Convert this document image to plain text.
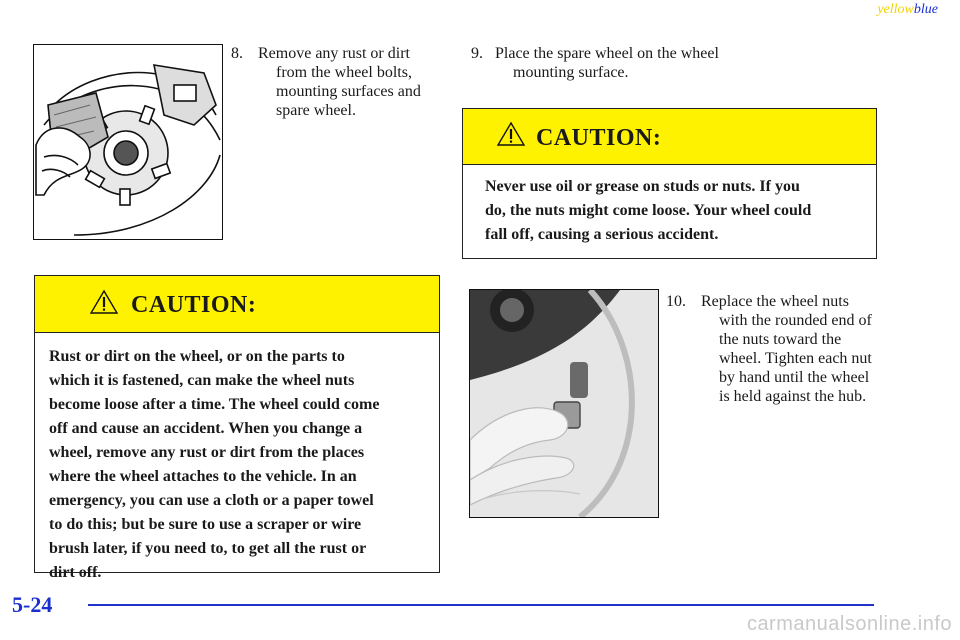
yellowblue
8. Remove any rust or dirt
from the wheel bolts,
mounting surfaces and
spare wheel.
9. Place the spare wheel on the wheel
mounting surface.
CAUTION:
Never use oil or grease on studs or nuts. If you
do, the nuts might come loose. Your wheel could
fall off, causing a serious accident.
CAUTION:
Rust or dirt on the wheel, or on the parts to
which it is fastened, can make the wheel nuts
become loose after a time. The wheel could come
off and cause an accident. When you change a
wheel, remove any rust or dirt from the places
where the wheel attaches to the vehicle. In an
emergency, you can use a cloth or a paper towel
to do this; but be sure to use a scraper or wire
brush later, if you need to, to get all the rust or
dirt off.
10. Replace the wheel nuts
with the rounded end of
the nuts toward the
wheel. Tighten each nut
by hand until the wheel
is held against the hub.
5-24
carmanualsonline.info
